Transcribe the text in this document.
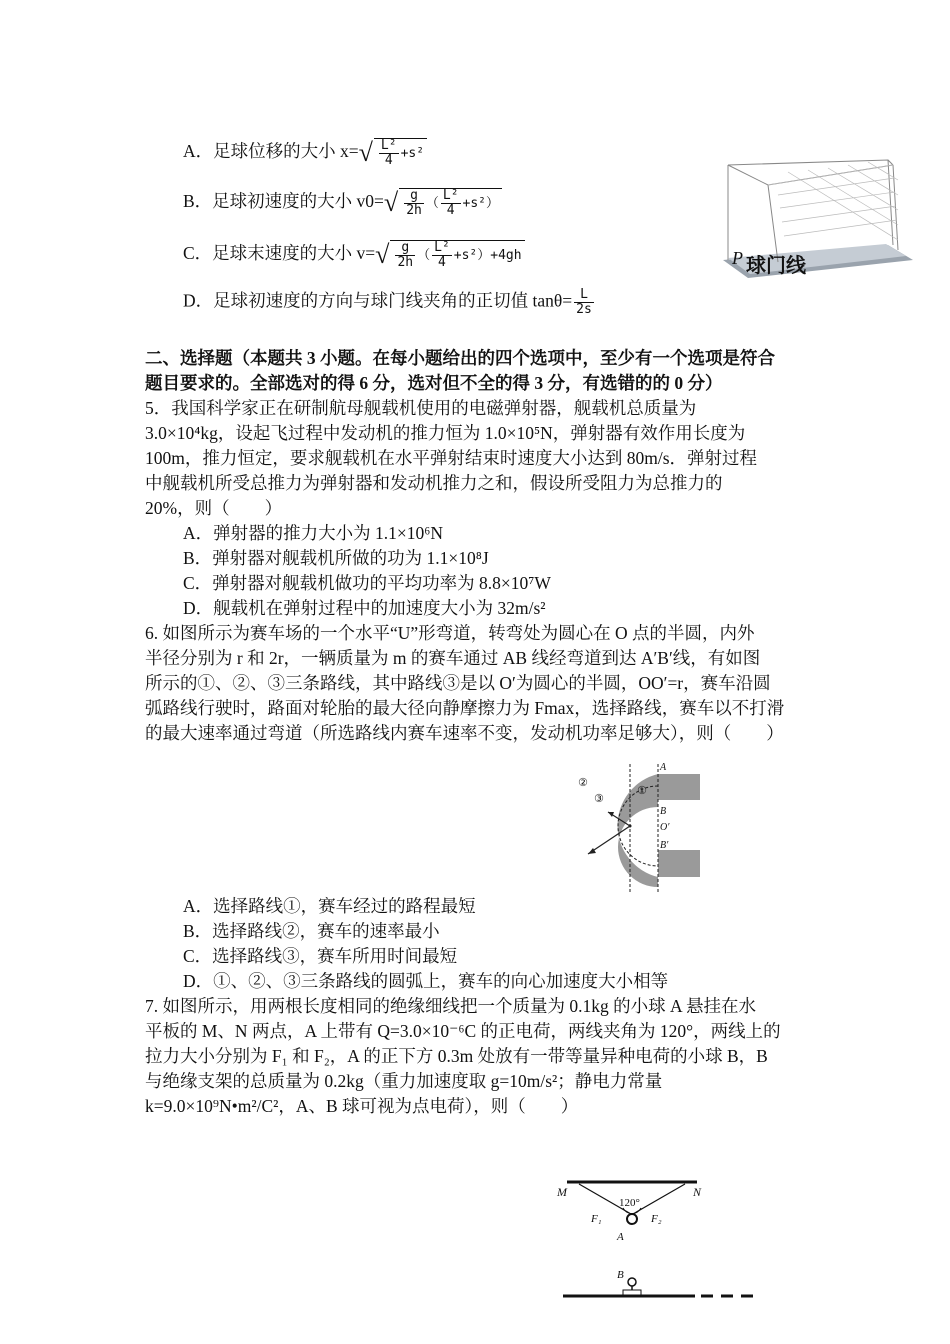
A．足球位移的大小 $x=√ \frac{\text{L²}}{4} +s^2$
B．足球初速度的大小 $v0=√ \frac{g}{2h}$ （ $\frac{\text{L²}}{4} +s^2$）
C．足球末速度的大小 $v=√ \frac{g}{2h}$ （ $\frac{\text{L²}}{4} +s^2)+4gh$
D．足球初速度的方向与球门线夹角的正切值 $\tan\theta= \frac{L}{2s}$
P 球门线
二、选择题（本题共 3 小题。在每小题给出的四个选项中，至少有一个选项是符合
题目要求的。全部选对的得 6 分，选对但不全的得 3 分，有选错的的 0 分）
5．我国科学家正在研制航母舰载机使用的电磁弹射器，舰载机总质量为
3.0×10⁴kg，设起飞过程中发动机的推力恒为 1.0×10⁵N，弹射器有效作用长度为
100m，推力恒定，要求舰载机在水平弹射结束时速度大小达到 80m/s．弹射过程
中舰载机所受总推力为弹射器和发动机推力之和，假设所受阻力为总推力的
20%，则（　　）
A．弹射器的推力大小为 1.1×10⁶N
B．弹射器对舰载机所做的功为 1.1×10⁸J
C．弹射器对舰载机做功的平均功率为 8.8×10⁷W
D．舰载机在弹射过程中的加速度大小为 32m/s²
6. 如图所示为赛车场的一个水平“U”形弯道，转弯处为圆心在 O 点的半圆，内外
半径分别为 r 和 2r，一辆质量为 m 的赛车通过 AB 线经弯道到达 A′B′线，有如图
所示的①、②、③三条路线，其中路线③是以 O′为圆心的半圆，OO′=r，赛车沿圆
弧路线行驶时，路面对轮胎的最大径向静摩擦力为 Fmax，选择路线，赛车以不打滑
的最大速率通过弯道（所选路线内赛车速率不变，发动机功率足够大），则（　　）
②
③
①
A
B
O′
B′
A．选择路线①，赛车经过的路程最短
B．选择路线②，赛车的速率最小
C．选择路线③，赛车所用时间最短
D．①、②、③三条路线的圆弧上，赛车的向心加速度大小相等
7. 如图所示，用两根长度相同的绝缘细线把一个质量为 0.1kg 的小球 A 悬挂在水
平板的 M、N 两点，A 上带有 Q=3.0×10⁻⁶C 的正电荷，两线夹角为 120°，两线上的
拉力大小分别为 F₁ 和 F₂，A 的正下方 0.3m 处放有一带等量异种电荷的小球 B，B
与绝缘支架的总质量为 0.2kg（重力加速度取 g=10m/s²；静电力常量
k=9.0×10⁹N•m²/C²，A、B 球可视为点电荷），则（　　）
M	N
120°
F₁	F₂
A
B
